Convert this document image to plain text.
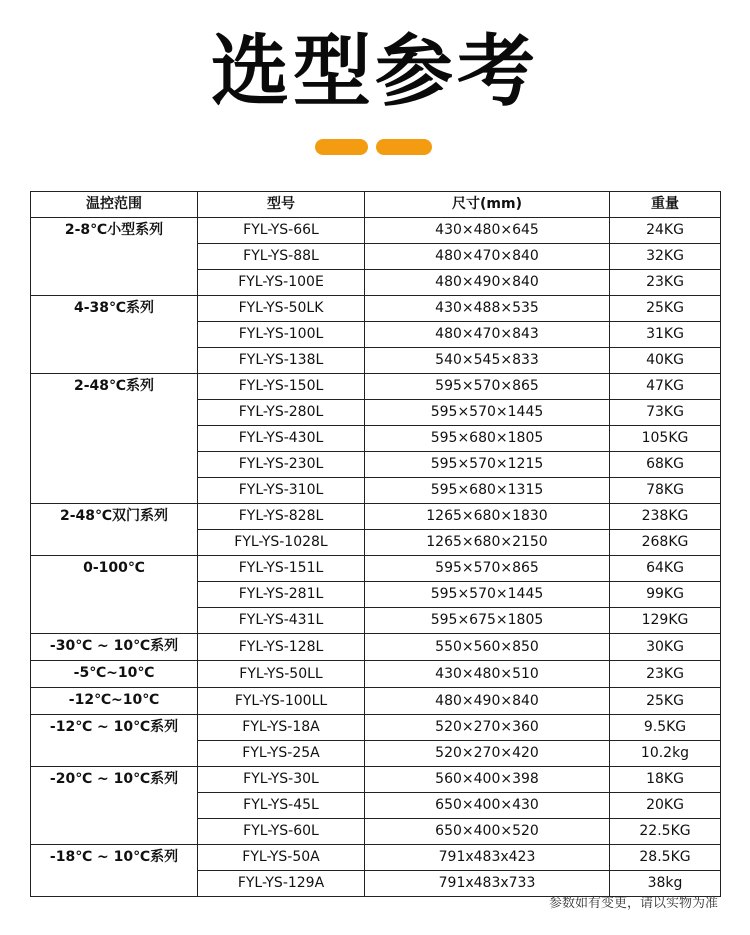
选型参考
温控范围	型号	尺寸(mm)	重量
2-8℃小型系列	FYL-YS-66L	430×480×645	24KG
	FYL-YS-88L	480×470×840	32KG
	FYL-YS-100E	480×490×840	23KG
4-38℃系列	FYL-YS-50LK	430×488×535	25KG
	FYL-YS-100L	480×470×843	31KG
	FYL-YS-138L	540×545×833	40KG
2-48℃系列	FYL-YS-150L	595×570×865	47KG
	FYL-YS-280L	595×570×1445	73KG
	FYL-YS-430L	595×680×1805	105KG
	FYL-YS-230L	595×570×1215	68KG
	FYL-YS-310L	595×680×1315	78KG
2-48℃双门系列	FYL-YS-828L	1265×680×1830	238KG
	FYL-YS-1028L	1265×680×2150	268KG
0-100℃	FYL-YS-151L	595×570×865	64KG
	FYL-YS-281L	595×570×1445	99KG
	FYL-YS-431L	595×675×1805	129KG
-30℃ ~ 10℃系列	FYL-YS-128L	550×560×850	30KG
-5℃~10℃	FYL-YS-50LL	430×480×510	23KG
-12℃~10℃	FYL-YS-100LL	480×490×840	25KG
-12℃ ~ 10℃系列	FYL-YS-18A	520×270×360	9.5KG
	FYL-YS-25A	520×270×420	10.2kg
-20℃ ~ 10℃系列	FYL-YS-30L	560×400×398	18KG
	FYL-YS-45L	650×400×430	20KG
	FYL-YS-60L	650×400×520	22.5KG
-18℃ ~ 10℃系列	FYL-YS-50A	791x483x423	28.5KG
	FYL-YS-129A	791x483x733	38kg
参数如有变更，请以实物为准
